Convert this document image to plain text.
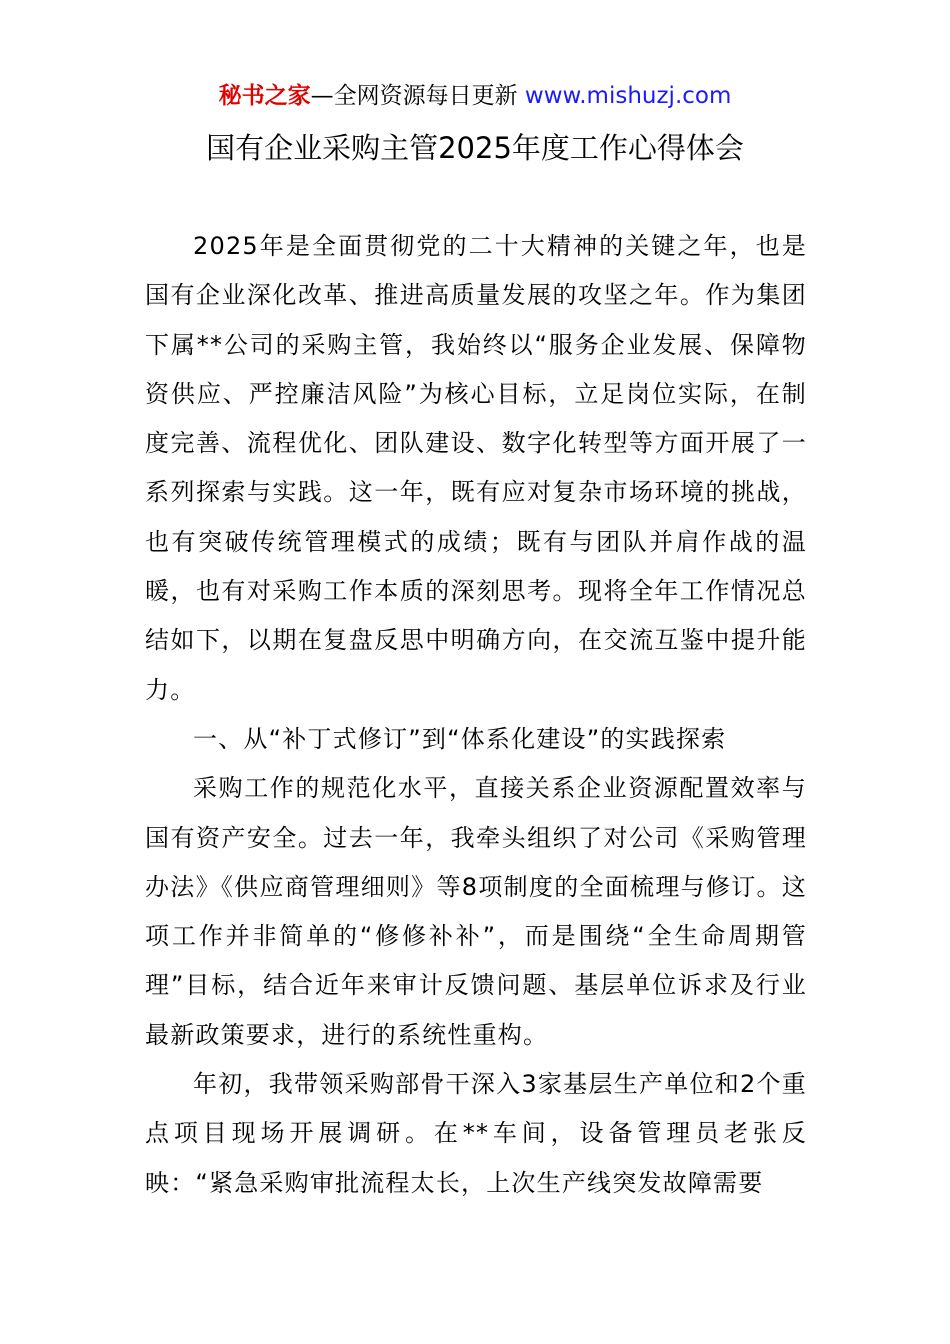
秘书之家—全网资源每日更新 www.mishuzj.com
国有企业采购主管2025年度工作心得体会

2025年是全面贯彻党的二十大精神的关键之年，也是国有企业深化改革、推进高质量发展的攻坚之年。作为集团下属**公司的采购主管，我始终以“服务企业发展、保障物资供应、严控廉洁风险”为核心目标，立足岗位实际，在制度完善、流程优化、团队建设、数字化转型等方面开展了一系列探索与实践。这一年，既有应对复杂市场环境的挑战，也有突破传统管理模式的成绩；既有与团队并肩作战的温暖，也有对采购工作本质的深刻思考。现将全年工作情况总结如下，以期在复盘反思中明确方向，在交流互鉴中提升能力。

一、从“补丁式修订”到“体系化建设”的实践探索

采购工作的规范化水平，直接关系企业资源配置效率与国有资产安全。过去一年，我牵头组织了对公司《采购管理办法》《供应商管理细则》等8项制度的全面梳理与修订。这项工作并非简单的“修修补补”，而是围绕“全生命周期管理”目标，结合近年来审计反馈问题、基层单位诉求及行业最新政策要求，进行的系统性重构。

年初，我带领采购部骨干深入3家基层生产单位和2个重点项目现场开展调研。在**车间，设备管理员老张反映：“紧急采购审批流程太长，上次生产线突发故障需要
